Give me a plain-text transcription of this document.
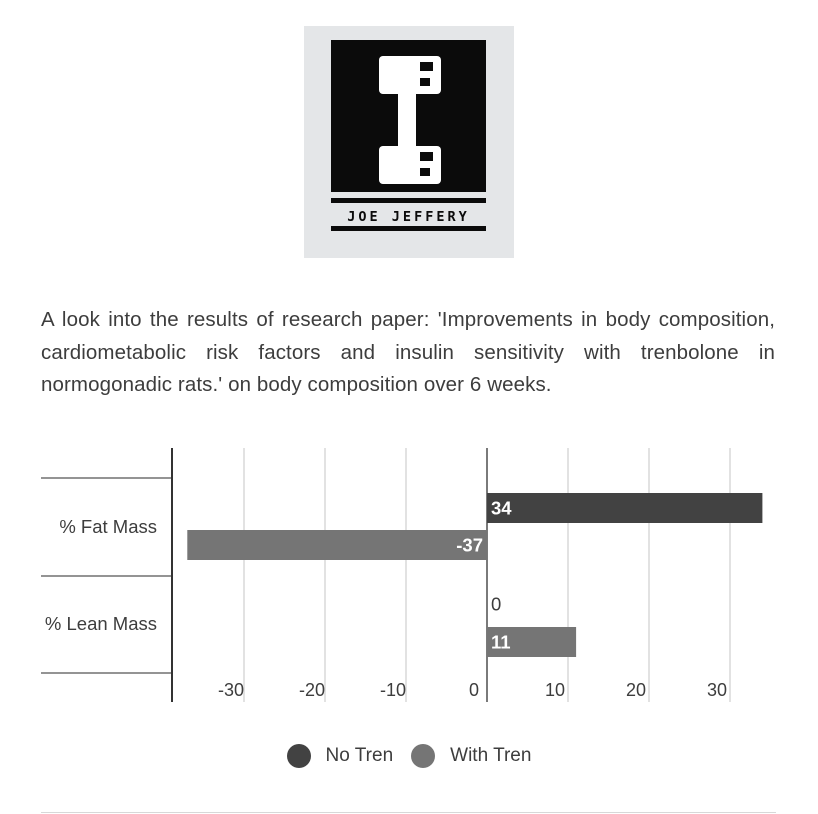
JOE JEFFERY

A look into the results of research paper: 'Improvements in body composition, cardiometabolic risk factors and insulin sensitivity with trenbolone in normogonadic rats.' on body composition over 6 weeks.

% Fat Mass
% Lean Mass
34
0
-37
11
-30	-20	-10	0	10	20	30
No Tren	With Tren
